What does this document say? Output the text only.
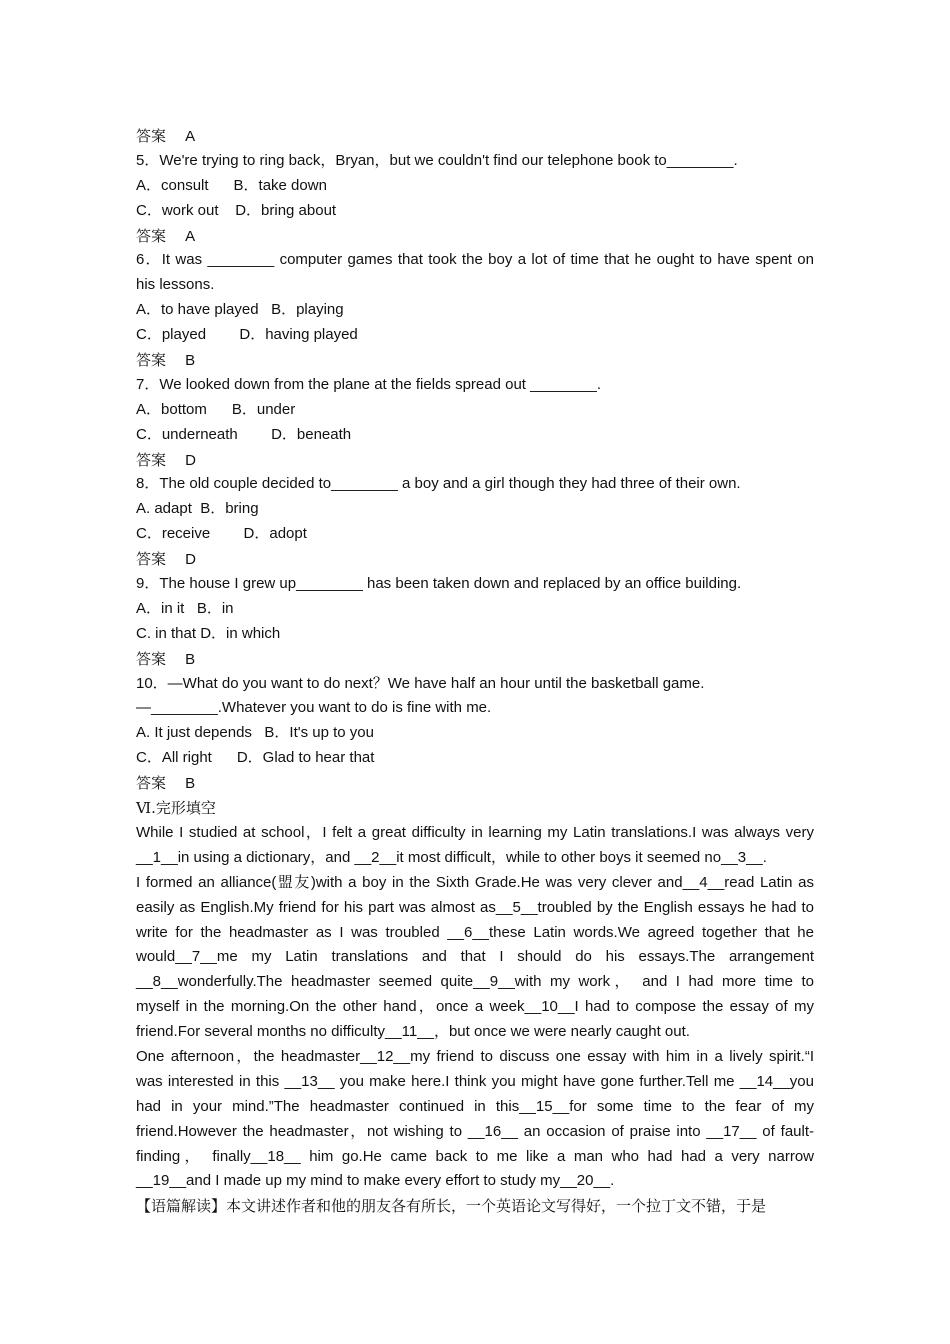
答案 A
5．We're trying to ring back，Bryan，but we couldn't find our telephone book to________.
A．consult      B．take down
C．work out    D．bring about
答案 A
6．It was ________ computer games that took the boy a lot of time that he ought to have spent on
his lessons.
A．to have played   B．playing
C．played        D．having played
答案 B
7．We looked down from the plane at the fields spread out ________.
A．bottom      B．under
C．underneath        D．beneath
答案 D
8．The old couple decided to________ a boy and a girl though they had three of their own.
A. adapt  B．bring
C．receive        D．adopt
答案 D
9．The house I grew up________ has been taken down and replaced by an office building.
A．in it   B．in
C. in that D．in which
答案 B
10．—What do you want to do next？We have half an hour until the basketball game.
—________.Whatever you want to do is fine with me.
A. It just depends   B．It's up to you
C．All right      D．Glad to hear that
答案 B
Ⅵ.完形填空
While I studied at school，I felt a great difficulty in learning my Latin translations.I was always very
__1__in using a dictionary，and __2__it most difficult，while to other boys it seemed no__3__.
I formed an alliance(盟友)with a boy in the Sixth Grade.He was very clever and__4__read Latin as
easily as English.My friend for his part was almost as__5__troubled by the English essays he had to
write for the headmaster as I was troubled __6__these Latin words.We agreed together that he
would__7__me my Latin translations and that I should do his essays.The arrangement
__8__wonderfully.The headmaster seemed quite__9__with my work， and I had more time to
myself in the morning.On the other hand，once a week__10__I had to compose the essay of my
friend.For several months no difficulty__11__，but once we were nearly caught out.
One afternoon，the headmaster__12__my friend to discuss one essay with him in a lively spirit.“I
was interested in this __13__ you make here.I think you might have gone further.Tell me __14__you
had in your mind.”The headmaster continued in this__15__for some time to the fear of my
friend.However the headmaster，not wishing to __16__ an occasion of praise into __17__ of fault-
finding， finally__18__ him go.He came back to me like a man who had had a very narrow
__19__and I made up my mind to make every effort to study my__20__.
【语篇解读】本文讲述作者和他的朋友各有所长，一个英语论文写得好，一个拉丁文不错，于是
